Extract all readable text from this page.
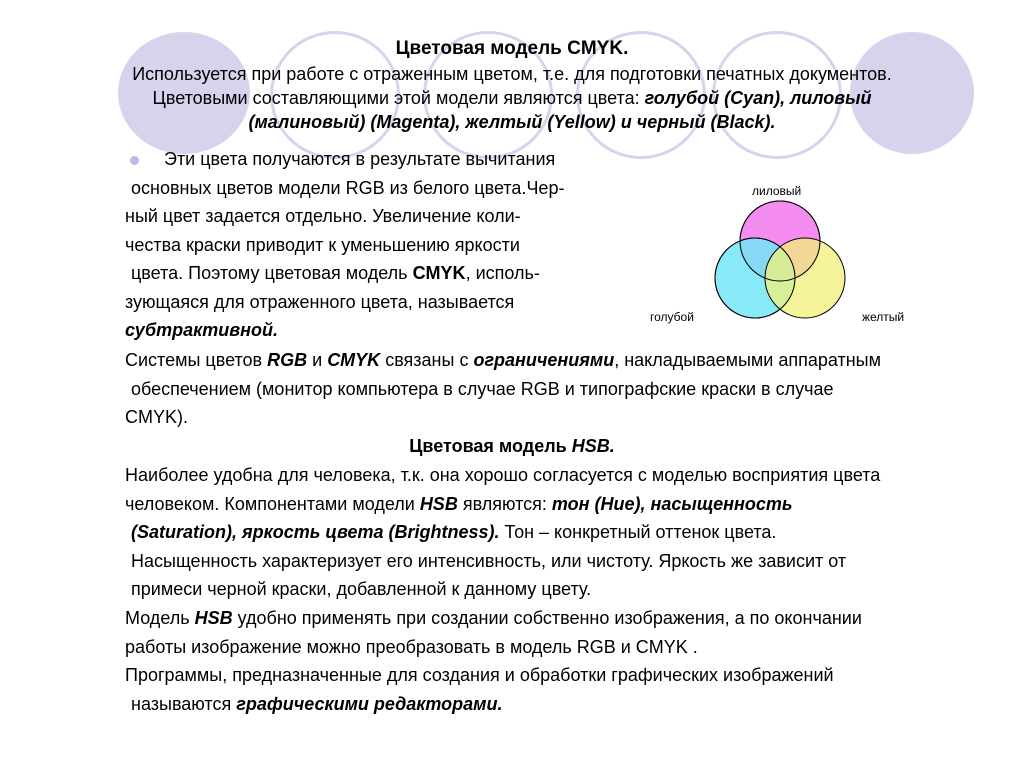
Цветовая модель CMYK.
Используется при работе с отраженным цветом, т.е. для подготовки печатных документов.
Цветовыми составляющими этой модели являются цвета: голубой (Cyan), лиловый
(малиновый) (Magenta), желтый (Yellow) и черный (Black).
Эти цвета получаются в результате вычитания
основных цветов модели RGB из белого цвета.Чер-
ный цвет задается отдельно. Увеличение коли-
чества краски приводит к уменьшению яркости
цвета. Поэтому цветовая модель CMYK, исполь-
зующаяся для отраженного цвета, называется
субтрактивной.
лиловый
голубой	желтый
Системы цветов RGB и CMYK связаны с ограничениями, накладываемыми аппаратным
обеспечением (монитор компьютера в случае RGB и типографские краски в случае
CMYK).
Цветовая модель HSB.
Наиболее удобна для человека, т.к. она хорошо согласуется с моделью восприятия цвета
человеком. Компонентами модели HSB являются: тон (Hue), насыщенность
(Saturation), яркость цвета (Brightness). Тон – конкретный оттенок цвета.
Насыщенность характеризует его интенсивность, или чистоту. Яркость же зависит от
примеси черной краски, добавленной к данному цвету.
Модель HSB удобно применять при создании собственно изображения, а по окончании
работы изображение можно преобразовать в модель RGB и CMYK .
Программы, предназначенные для создания и обработки графических изображений
называются графическими редакторами.
